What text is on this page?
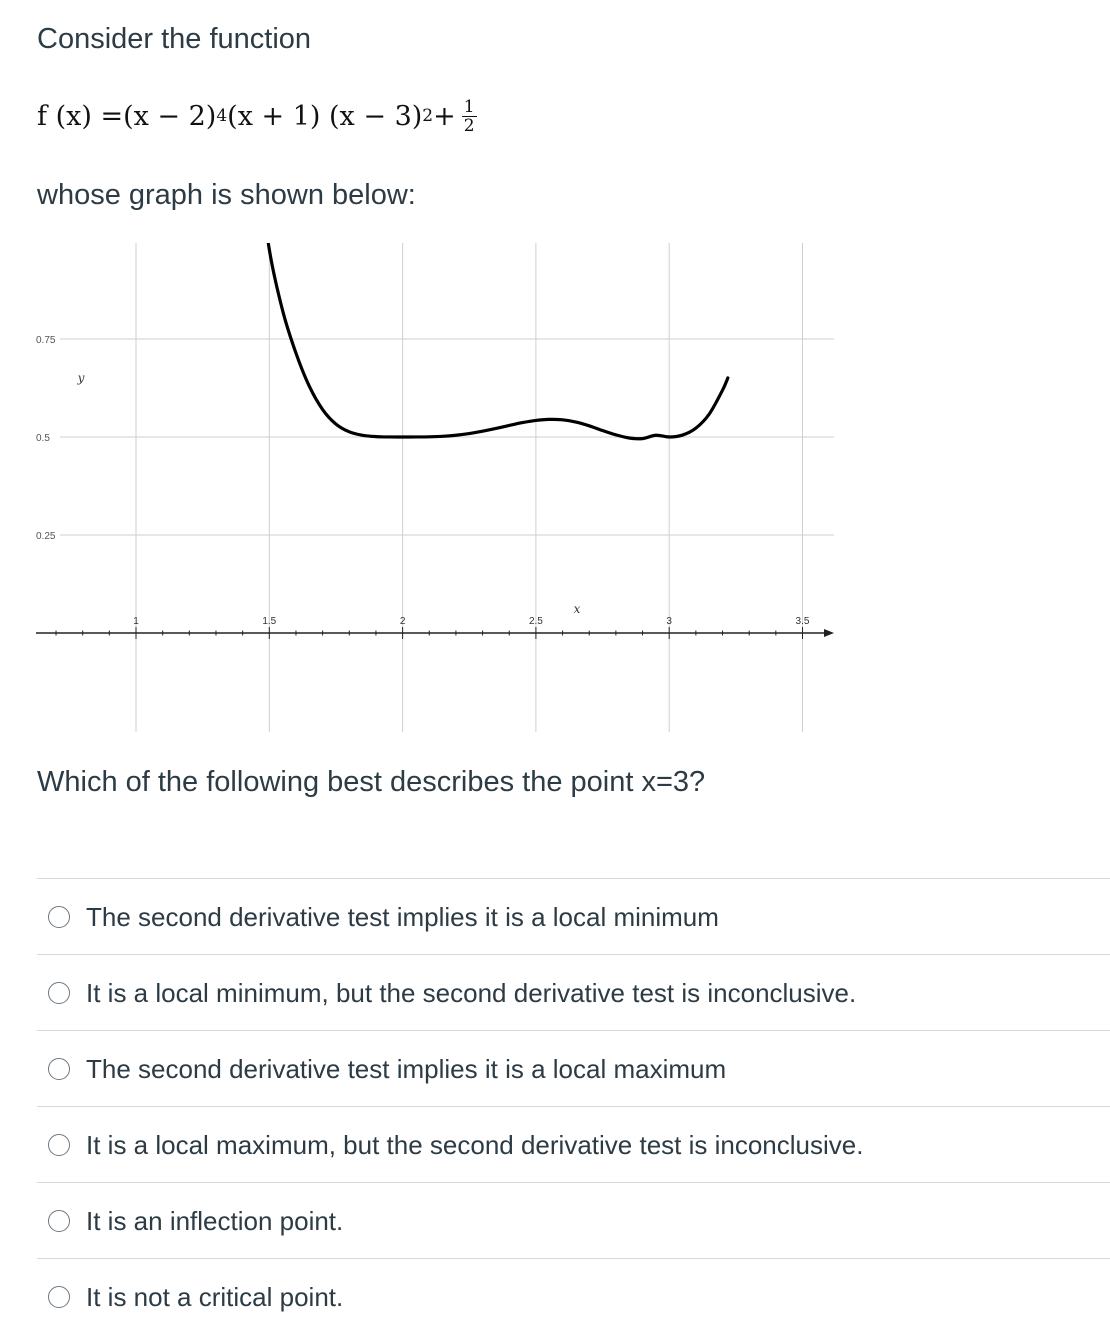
Consider the function

f (x) = (x − 2) 4 (x + 1) (x − 3) $2 + \frac{1}{2}$

whose graph is shown below:

1	1.5	2	2.5	3	3.5
0.25
0.5
0.75
x
y

Which of the following best describes the point x=3?

The second derivative test implies it is a local minimum
It is a local minimum, but the second derivative test is inconclusive.
The second derivative test implies it is a local maximum
It is a local maximum, but the second derivative test is inconclusive.
It is an inflection point.
It is not a critical point.
